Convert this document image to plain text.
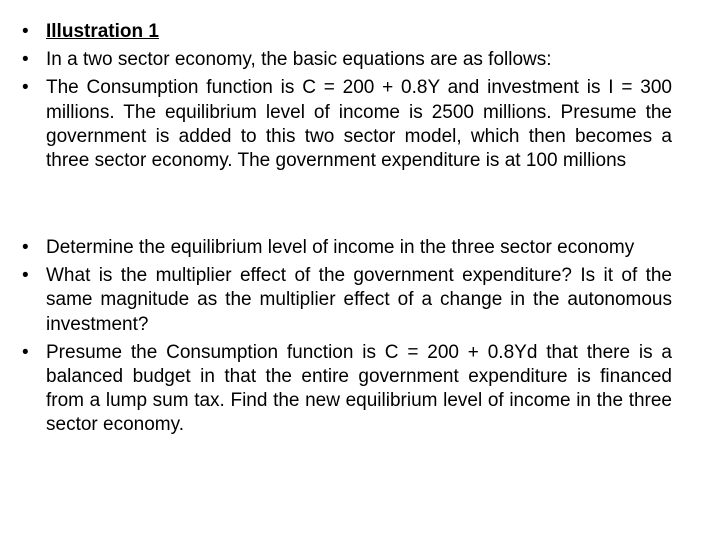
• Illustration 1
• In a two sector economy, the basic equations are as follows:
• The Consumption function is C = 200 + 0.8Y and investment is I = 300 millions. The equilibrium level of income is 2500 millions. Presume the government is added to this two sector model, which then becomes a three sector economy. The government expenditure is at 100 millions
• Determine the equilibrium level of income in the three sector economy
• What is the multiplier effect of the government expenditure? Is it of the same magnitude as the multiplier effect of a change in the autonomous investment?
• Presume the Consumption function is C = 200 + 0.8Yd that there is a balanced budget in that the entire government expenditure is financed from a lump sum tax. Find the new equilibrium level of income in the three sector economy.
